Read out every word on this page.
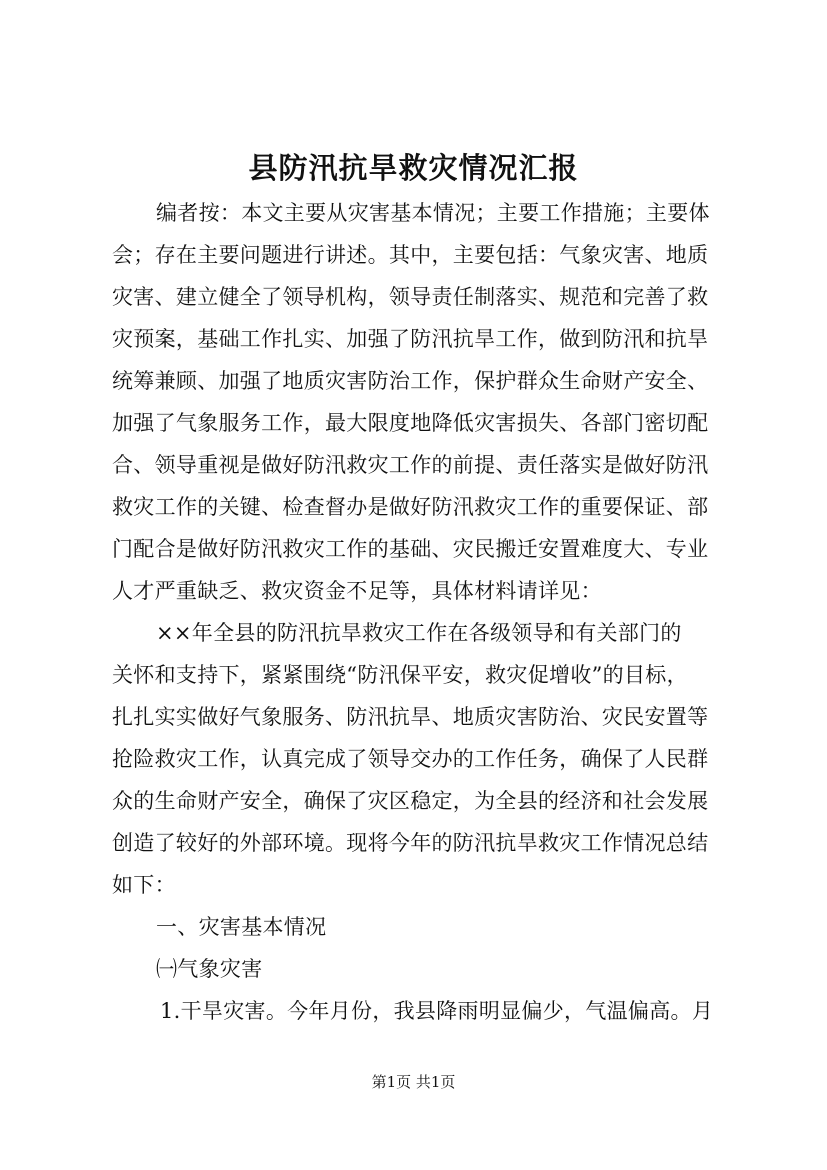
县防汛抗旱救灾情况汇报
编者按：本文主要从灾害基本情况；主要工作措施；主要体
会；存在主要问题进行讲述。其中，主要包括：气象灾害、地质
灾害、建立健全了领导机构，领导责任制落实、规范和完善了救
灾预案，基础工作扎实、加强了防汛抗旱工作，做到防汛和抗旱
统筹兼顾、加强了地质灾害防治工作，保护群众生命财产安全、
加强了气象服务工作，最大限度地降低灾害损失、各部门密切配
合、领导重视是做好防汛救灾工作的前提、责任落实是做好防汛
救灾工作的关键、检查督办是做好防汛救灾工作的重要保证、部
门配合是做好防汛救灾工作的基础、灾民搬迁安置难度大、专业
人才严重缺乏、救灾资金不足等，具体材料请详见：
××年全县的防汛抗旱救灾工作在各级领导和有关部门的
关怀和支持下，紧紧围绕“防汛保平安，救灾促增收”的目标，
扎扎实实做好气象服务、防汛抗旱、地质灾害防治、灾民安置等
抢险救灾工作，认真完成了领导交办的工作任务，确保了人民群
众的生命财产安全，确保了灾区稳定，为全县的经济和社会发展
创造了较好的外部环境。现将今年的防汛抗旱救灾工作情况总结
如下：
一、灾害基本情况
㈠气象灾害
1.干旱灾害。今年月份，我县降雨明显偏少，气温偏高。月
第1页 共1页
